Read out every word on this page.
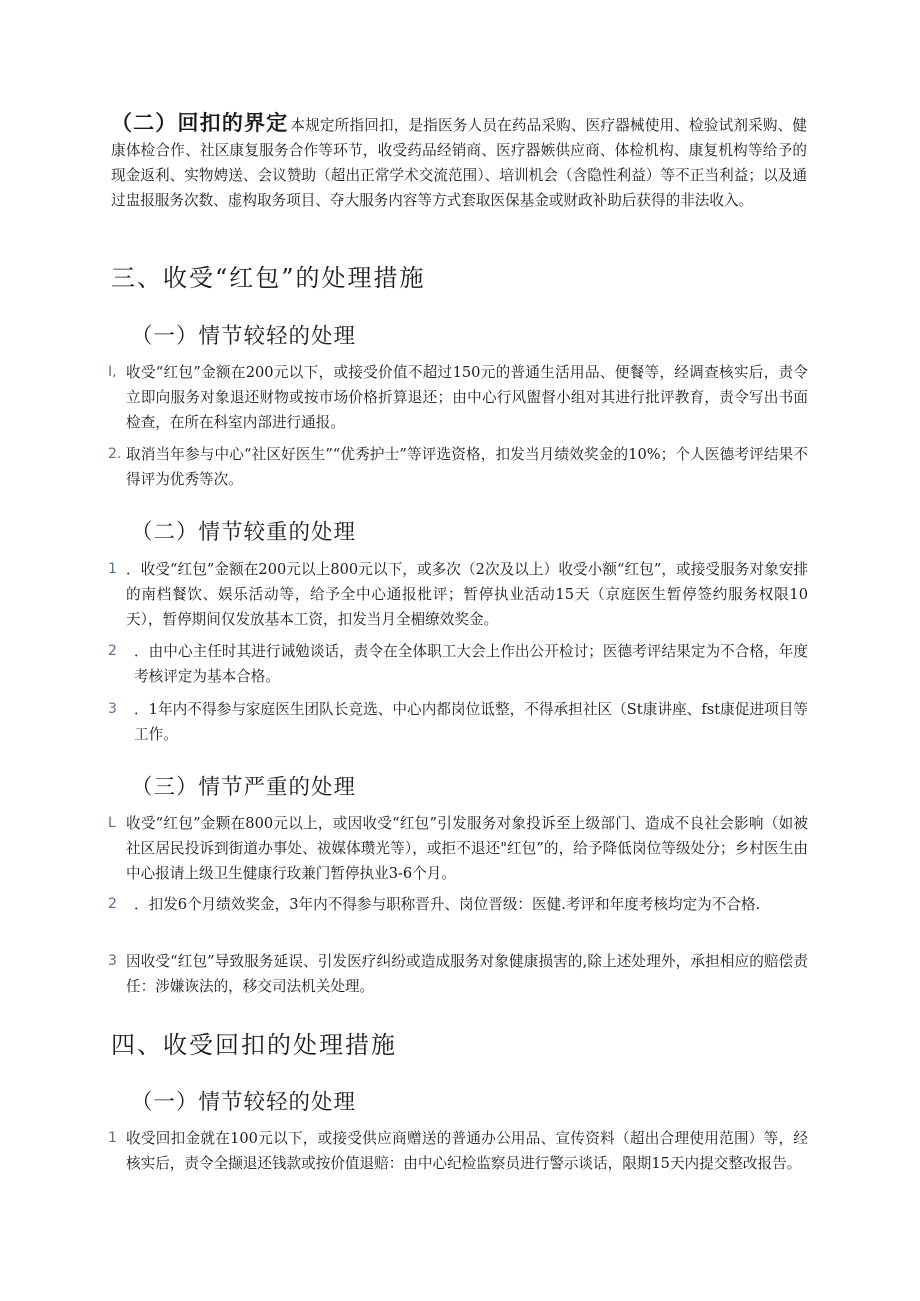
（二）回扣的界定 本规定所指回扣，是指医务人员在药品采购、医疗器械使用、检验试剂采购、健康体检合作、社区康复服务合作等环节，收受药品经销商、医疗器嫉供应商、体检机构、康复机构等给予的现金返利、实物娉送、会议赞助（超出正常学术交流范围）、培训机会（含隐性利益）等不正当利益；以及通过盅报服务次数、虚构取务项目、夺大服务内容等方式套取医保基金或财政补助后获得的非法收入。
三、收受“红包”的处理措施
（一）情节较轻的处理
I, 收受“红包”金额在200元以下，或接受价值不超过150元的普通生活用品、便餐等，经调查核实后，责令立即向服务对象退还财物或按市场价格折算退还；由中心行风盥督小组对其进行批评教育，责令写出书面检查，在所在科室内部进行通报。
2. 取消当年参与中心“社区好医生”“优秀护士”等评选资格，扣发当月绩效奖金的10%；个人医德考评结果不得评为优秀等次。
（二）情节较重的处理
1 ．收受“红包”金额在200元以上800元以下，或多次（2次及以上）收受小额“红包”，或接受服务对象安排的南档餐饮、娱乐活动等，给予全中心通报枇评；暂停执业活动15天（京庭医生暂停签约服务权限10天），暂停期间仅发放基本工资，扣发当月全楣缭效奖金。
2	．由中心主任时其进行诫勉谈话，责令在全体职工大会上作出公开检讨；医德考评结果定为不合格，年度考核评定为基本合格。
3	．1年内不得参与家庭医生团队长竞选、中心内都岗位诋整，不得承担社区（St康讲座、fst康促进项目等工作。
（三）情节严重的处理
L 收受“红包”金颗在800元以上，或因收受“红包”引发服务对象投诉至上级部门、造成不良社会影响（如被社区居民投诉到街道办事处、祓媒体瓒光等），或拒不退还"红包”的，给予降低岗位等级处分；乡村医生由中心报请上级卫生健康行玫兼门暂停执业3-6个月。
2	．扣发6个月绩效奖金，3年内不得参与职称晋升、岗位晋级：医健.考评和年度考核均定为不合格.
3 因收受“红包”导致服务延误、引发医疗纠纷或造成服务对象健康损害的,除上述处理外，承担相应的赔偿责任：涉嫌诙法的，移交司法机关处理。
四、收受回扣的处理措施
（一）情节较轻的处理
1 收受回扣金就在100元以下，或接受供应商赠送的普通办公用品、宣传资料（超出合理使用范围）等，经核实后，责令全撷退还钱款或按价值退赔：由中心纪检监察员进行警示谈话，限期15天内提交整改报告。
